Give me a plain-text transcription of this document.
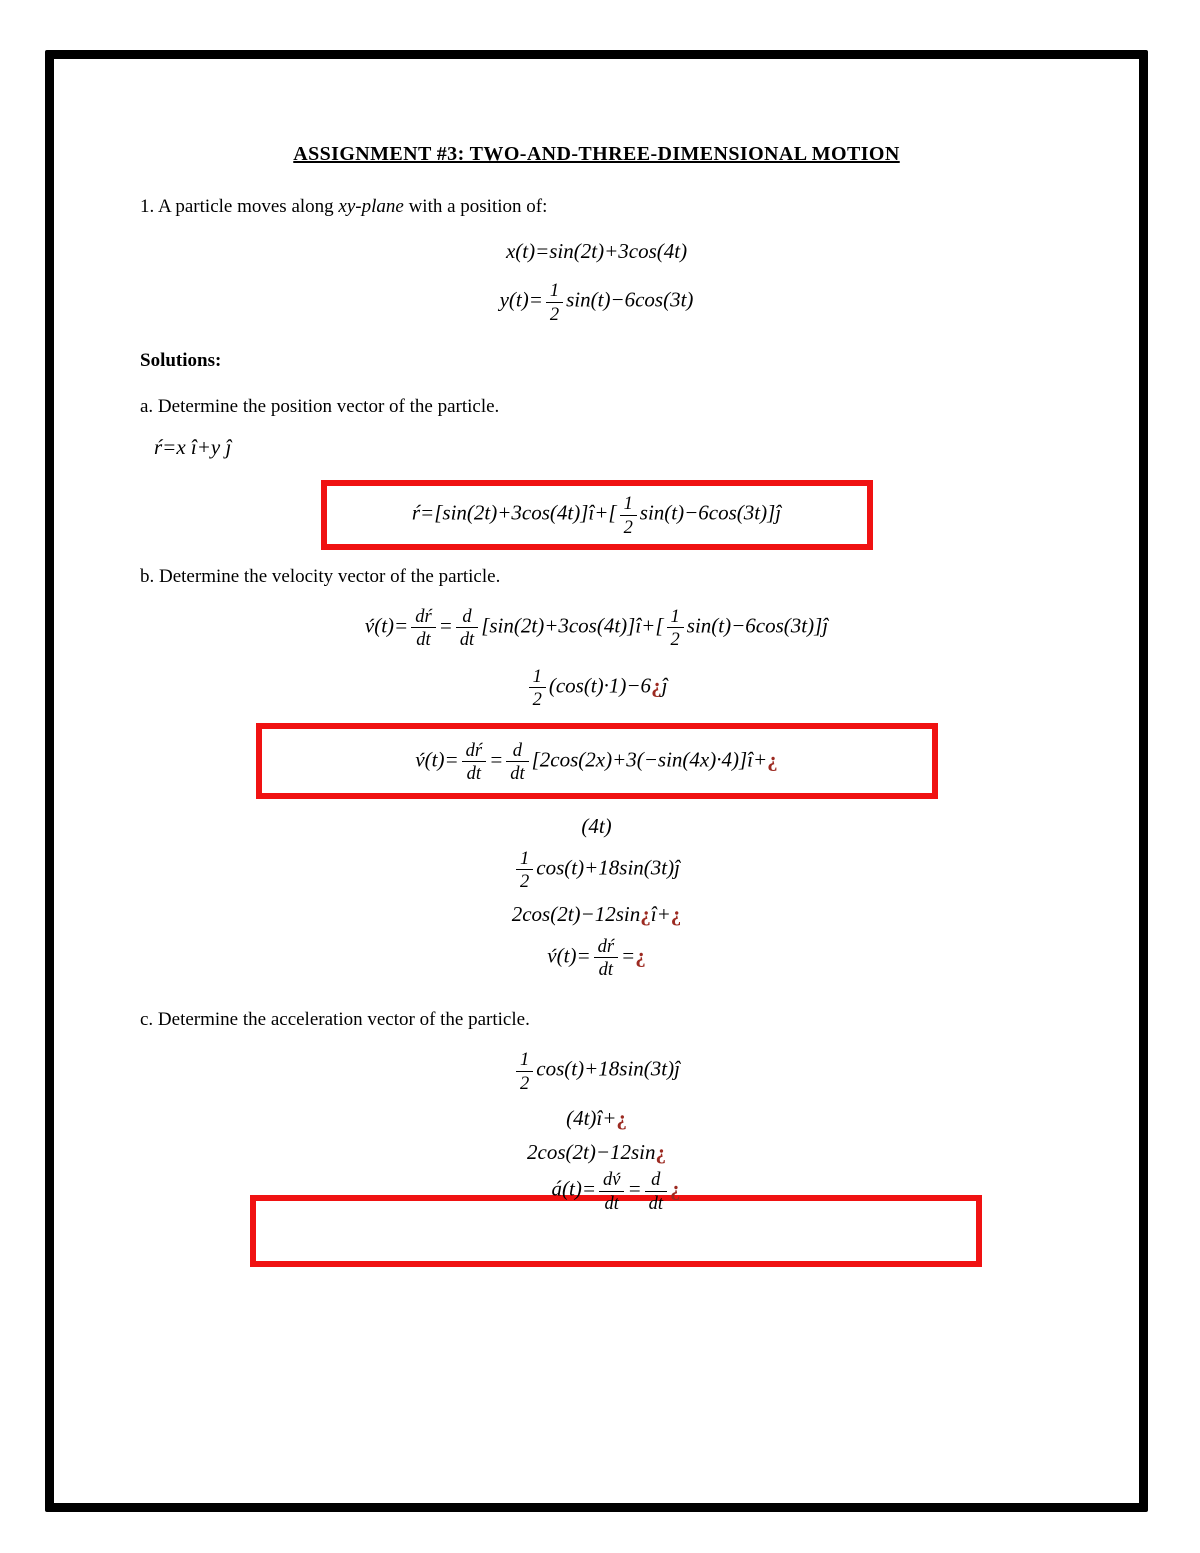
ASSIGNMENT #3: TWO-AND-THREE-DIMENSIONAL MOTION

1. A particle moves along xy-plane with a position of:

x(t)=sin(2t)+3cos(4t)
$y(t)= \frac{1}{2} \sin(t)-6\cos(3t)$

Solutions:

a. Determine the position vector of the particle.

ŕ=x î+y ĵ
ŕ=[sin(2t)+3cos(4t)]î+[ $\frac{1}{2}$ sin(t)−6cos(3t)]ĵ

b. Determine the velocity vector of the particle.

v́(t)= $\frac{dŕ}{dt} = \frac{d}{dt}$ [sin(2t)+3cos(4t)]î+[ $\frac{1}{2}$ sin(t)−6cos(3t)]ĵ
$\frac{1}{2}$ (cos(t)·1)−6¿ĵ
v́(t)= $\frac{dŕ}{dt} = \frac{d}{dt}$ [2cos(2x)+3(−sin(4x)·4)]î+¿
(4t)
$\frac{1}{2}$ cos(t)+18sin(3t)ĵ
2cos(2t)−12sin¿î+¿
v́(t)= $\frac{dŕ}{dt}$ =¿

c. Determine the acceleration vector of the particle.

$\frac{1}{2}$ cos(t)+18sin(3t)ĵ
(4t)î+¿
2cos(2t)−12sin¿
á(t)= $\frac{dv́}{dt} = \frac{d}{dt}$ ¿
